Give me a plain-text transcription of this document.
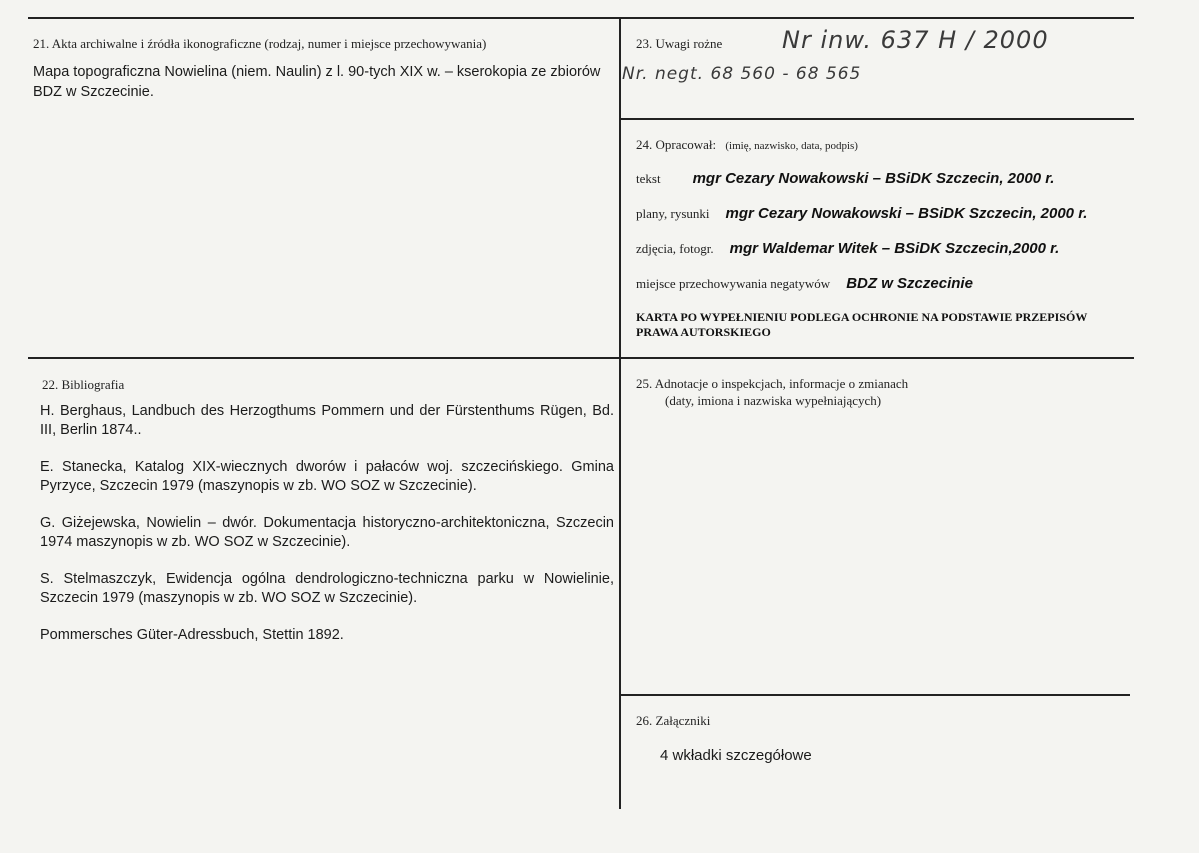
21. Akta archiwalne i źródła ikonograficzne (rodzaj, numer i miejsce przechowywania)
Mapa topograficzna Nowielina (niem. Naulin) z l. 90-tych XIX w. – kserokopia ze zbiorów BDZ w Szczecinie.
23. Uwagi rożne Nr inw. 637 H / 2000
Nr. negt. 68 560 - 68 565
24. Opracował: (imię, nazwisko, data, podpis)
tekst mgr Cezary Nowakowski – BSiDK Szczecin, 2000 r.
plany, rysunki mgr Cezary Nowakowski – BSiDK Szczecin, 2000 r.
zdjęcia, fotogr. mgr Waldemar Witek – BSiDK Szczecin,2000 r.
miejsce przechowywania negatywów BDZ w Szczecinie
KARTA PO WYPEŁNIENIU PODLEGA OCHRONIE NA PODSTAWIE PRZEPISÓW
PRAWA AUTORSKIEGO
22. Bibliografia
H. Berghaus, Landbuch des Herzogthums Pommern und der Fürstenthums Rügen, Bd. III, Berlin 1874..
E. Stanecka, Katalog XIX-wiecznych dworów i pałaców woj. szczecińskiego. Gmina Pyrzyce, Szczecin 1979 (maszynopis w zb. WO SOZ w Szczecinie).
G. Giżejewska, Nowielin – dwór. Dokumentacja historyczno-architektoniczna, Szczecin 1974 maszynopis w zb. WO SOZ w Szczecinie).
S. Stelmaszczyk, Ewidencja ogólna dendrologiczno-techniczna parku w Nowielinie, Szczecin 1979 (maszynopis w zb. WO SOZ w Szczecinie).
Pommersches Güter-Adressbuch, Stettin 1892.
25. Adnotacje o inspekcjach, informacje o zmianach
(daty, imiona i nazwiska wypełniających)
26. Załączniki
4 wkładki szczegółowe
